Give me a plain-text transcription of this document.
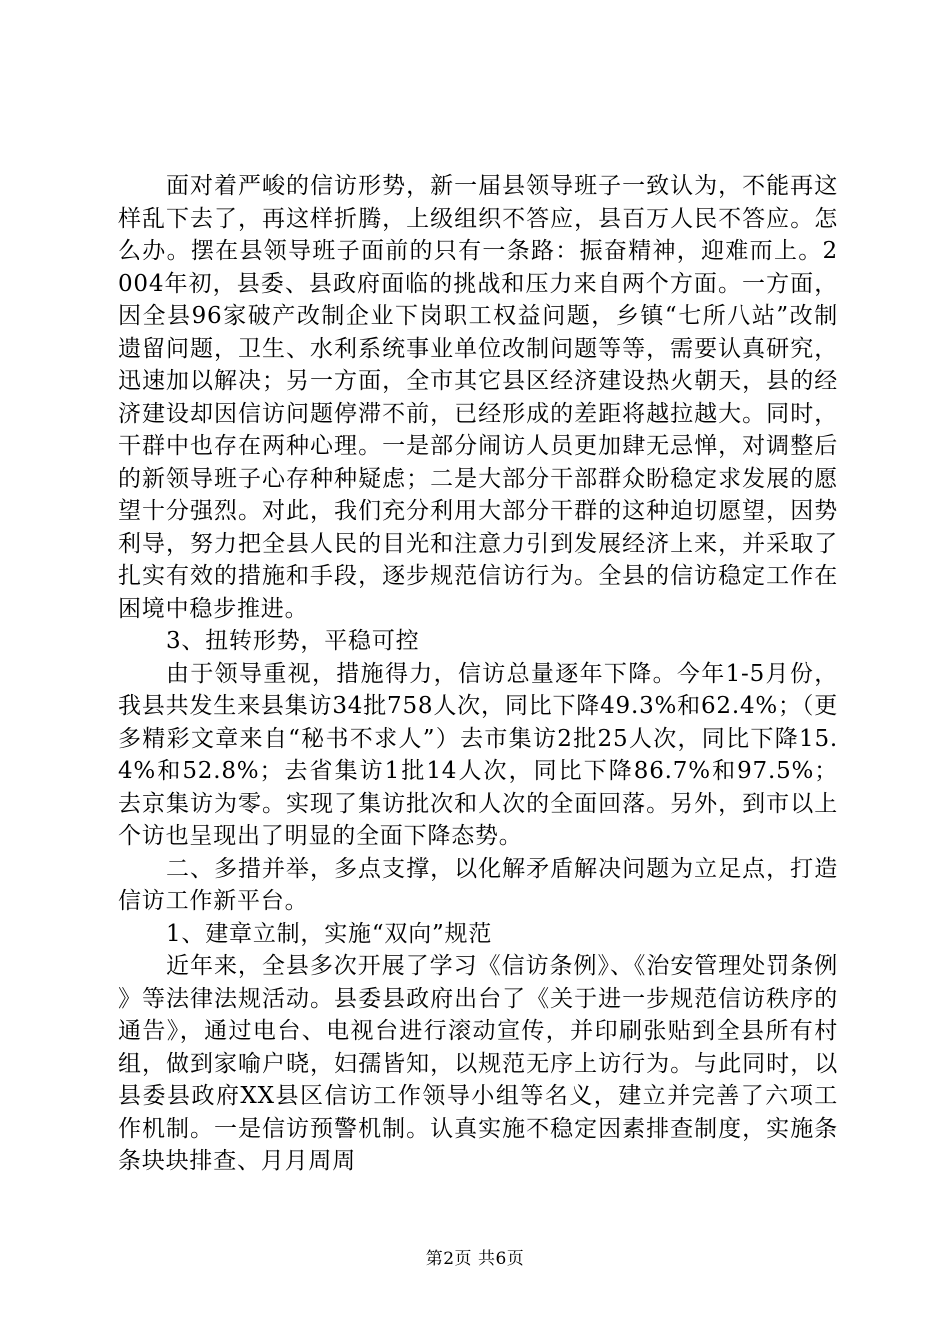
面对着严峻的信访形势，新一届县领导班子一致认为，不能再这样乱下去了，再这样折腾，上级组织不答应，县百万人民不答应。怎么办。摆在县领导班子面前的只有一条路：振奋精神，迎难而上。2004年初，县委、县政府面临的挑战和压力来自两个方面。一方面，因全县96家破产改制企业下岗职工权益问题，乡镇“七所八站”改制遗留问题，卫生、水利系统事业单位改制问题等等，需要认真研究，迅速加以解决；另一方面，全市其它县区经济建设热火朝天，县的经济建设却因信访问题停滞不前，已经形成的差距将越拉越大。同时，干群中也存在两种心理。一是部分闹访人员更加肆无忌惮，对调整后的新领导班子心存种种疑虑；二是大部分干部群众盼稳定求发展的愿望十分强烈。对此，我们充分利用大部分干群的这种迫切愿望，因势利导，努力把全县人民的目光和注意力引到发展经济上来，并采取了扎实有效的措施和手段，逐步规范信访行为。全县的信访稳定工作在困境中稳步推进。

3、扭转形势，平稳可控

由于领导重视，措施得力，信访总量逐年下降。今年1-5月份，我县共发生来县集访34批758人次，同比下降49.3%和62.4%；（更多精彩文章来自“秘书不求人”）去市集访2批25人次，同比下降15.4%和52.8%；去省集访1批14人次，同比下降86.7%和97.5%；去京集访为零。实现了集访批次和人次的全面回落。另外，到市以上个访也呈现出了明显的全面下降态势。

二、多措并举，多点支撑，以化解矛盾解决问题为立足点，打造信访工作新平台。

1、建章立制，实施“双向”规范

近年来，全县多次开展了学习《信访条例》、《治安管理处罚条例》等法律法规活动。县委县政府出台了《关于进一步规范信访秩序的通告》，通过电台、电视台进行滚动宣传，并印刷张贴到全县所有村组，做到家喻户晓，妇孺皆知，以规范无序上访行为。与此同时，以县委县政府XX县区信访工作领导小组等名义，建立并完善了六项工作机制。一是信访预警机制。认真实施不稳定因素排查制度，实施条条块块排查、月月周周

第2页 共6页
